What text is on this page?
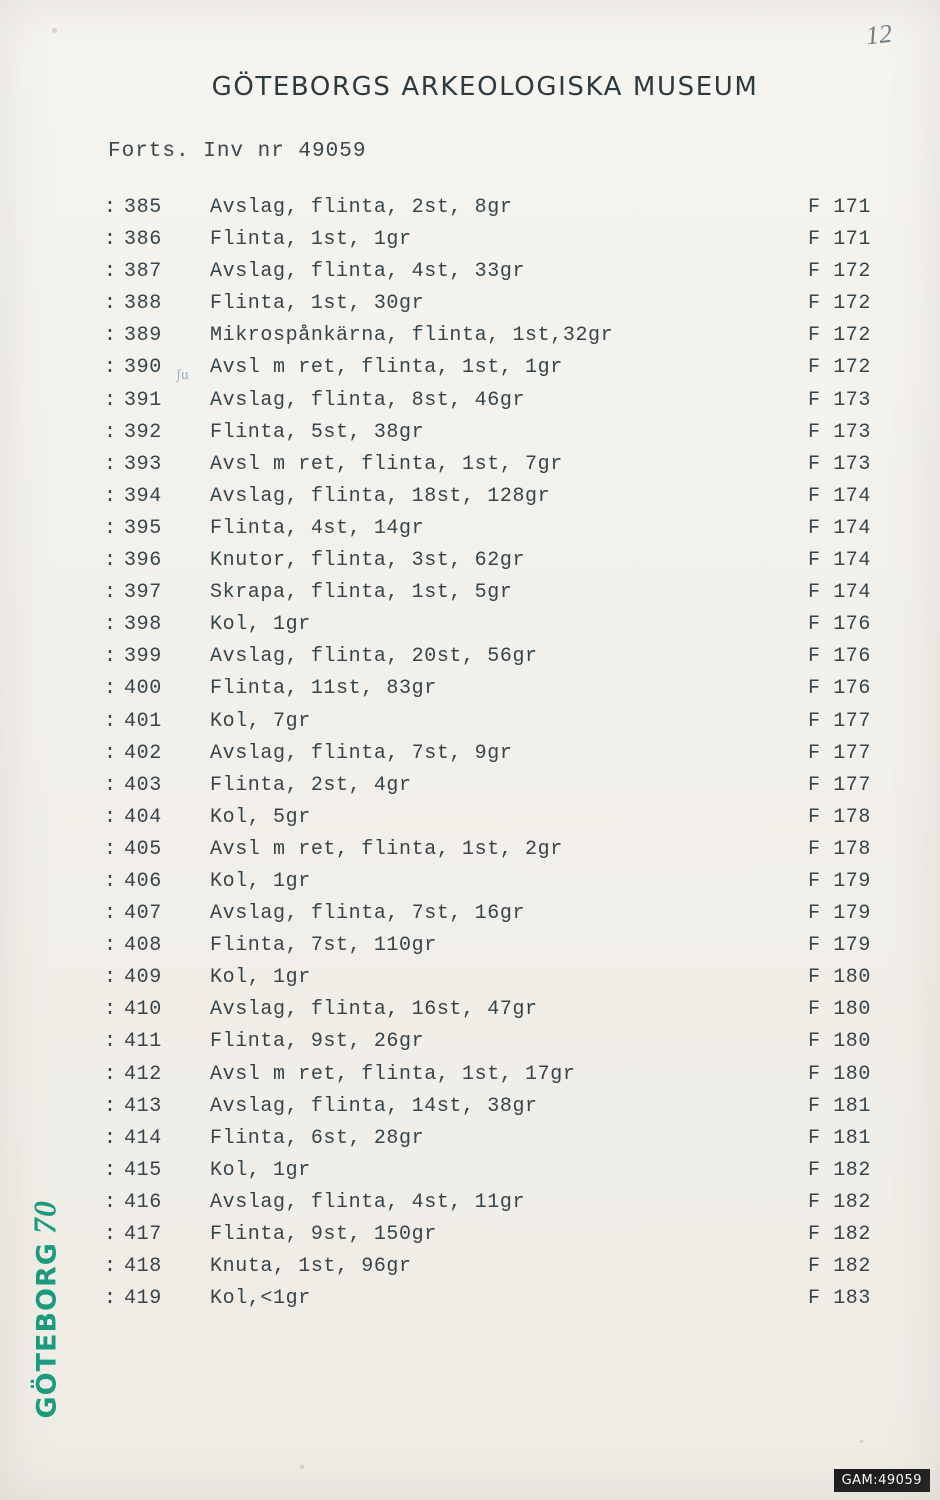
12
GÖTEBORGS ARKEOLOGISKA MUSEUM
Forts. Inv nr 49059
: 385	Avslag, flinta, 2st, 8gr	F 171
: 386	Flinta, 1st, 1gr	F 171
: 387	Avslag, flinta, 4st, 33gr	F 172
: 388	Flinta, 1st, 30gr	F 172
: 389	Mikrospånkärna, flinta, 1st,32gr	F 172
: 390	Avsl m ret, flinta, 1st, 1gr	F 172
: 391	Avslag, flinta, 8st, 46gr	F 173
: 392	Flinta, 5st, 38gr	F 173
: 393	Avsl m ret, flinta, 1st, 7gr	F 173
: 394	Avslag, flinta, 18st, 128gr	F 174
: 395	Flinta, 4st, 14gr	F 174
: 396	Knutor, flinta, 3st, 62gr	F 174
: 397	Skrapa, flinta, 1st, 5gr	F 174
: 398	Kol, 1gr	F 176
: 399	Avslag, flinta, 20st, 56gr	F 176
: 400	Flinta, 11st, 83gr	F 176
: 401	Kol, 7gr	F 177
: 402	Avslag, flinta, 7st, 9gr	F 177
: 403	Flinta, 2st, 4gr	F 177
: 404	Kol, 5gr	F 178
: 405	Avsl m ret, flinta, 1st, 2gr	F 178
: 406	Kol, 1gr	F 179
: 407	Avslag, flinta, 7st, 16gr	F 179
: 408	Flinta, 7st, 110gr	F 179
: 409	Kol, 1gr	F 180
: 410	Avslag, flinta, 16st, 47gr	F 180
: 411	Flinta, 9st, 26gr	F 180
: 412	Avsl m ret, flinta, 1st, 17gr	F 180
: 413	Avslag, flinta, 14st, 38gr	F 181
: 414	Flinta, 6st, 28gr	F 181
: 415	Kol, 1gr	F 182
: 416	Avslag, flinta, 4st, 11gr	F 182
: 417	Flinta, 9st, 150gr	F 182
: 418	Knuta, 1st, 96gr	F 182
: 419	Kol,<1gr	F 183
ʃu
GÖTEBORG70
GAM:49059
